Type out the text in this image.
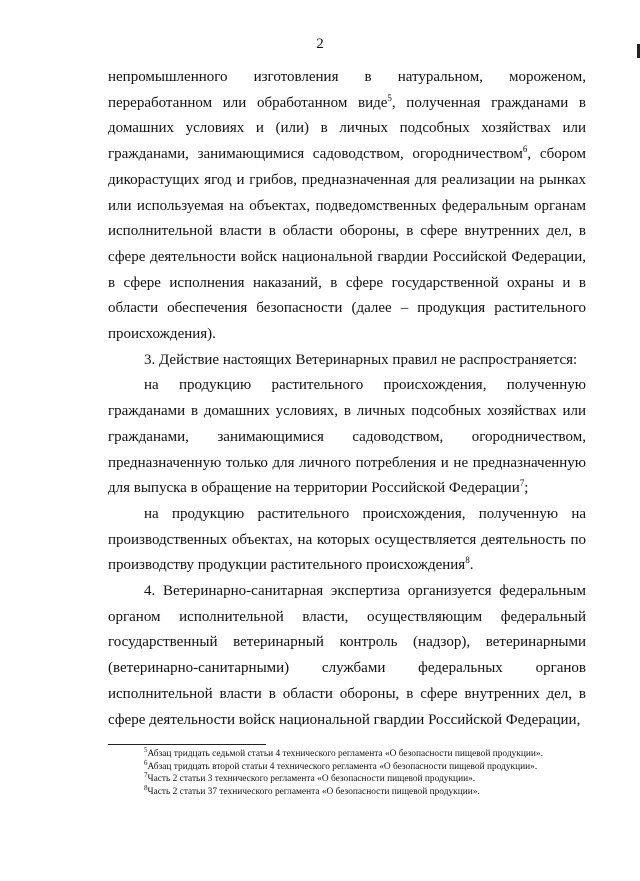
2

непромышленного изготовления в натуральном, мороженом, переработанном или обработанном виде$^5$, полученная гражданами в домашних условиях и (или) в личных подсобных хозяйствах или гражданами, занимающимися садоводством, огородничеством$^6$, сбором дикорастущих ягод и грибов, предназначенная для реализации на рынках или используемая на объектах, подведомственных федеральным органам исполнительной власти в области обороны, в сфере внутренних дел, в сфере деятельности войск национальной гвардии Российской Федерации, в сфере исполнения наказаний, в сфере государственной охраны и в области обеспечения безопасности (далее – продукция растительного происхождения).

3. Действие настоящих Ветеринарных правил не распространяется:

на продукцию растительного происхождения, полученную гражданами в домашних условиях, в личных подсобных хозяйствах или гражданами, занимающимися садоводством, огородничеством, предназначенную только для личного потребления и не предназначенную для выпуска в обращение на территории Российской Федерации$^7$;

на продукцию растительного происхождения, полученную на производственных объектах, на которых осуществляется деятельность по производству продукции растительного происхождения$^8$.

4. Ветеринарно-санитарная экспертиза организуется федеральным органом исполнительной власти, осуществляющим федеральный государственный ветеринарный контроль (надзор), ветеринарными (ветеринарно-санитарными) службами федеральных органов исполнительной власти в области обороны, в сфере внутренних дел, в сфере деятельности войск национальной гвардии Российской Федерации,

$^5$Абзац тридцать седьмой статьи 4 технического регламента «О безопасности пищевой продукции».

$^6$Абзац тридцать второй статьи 4 технического регламента «О безопасности пищевой продукции».

$^7$Часть 2 статьи 3 технического регламента «О безопасности пищевой продукции».

$^8$Часть 2 статьи 37 технического регламента «О безопасности пищевой продукции».
